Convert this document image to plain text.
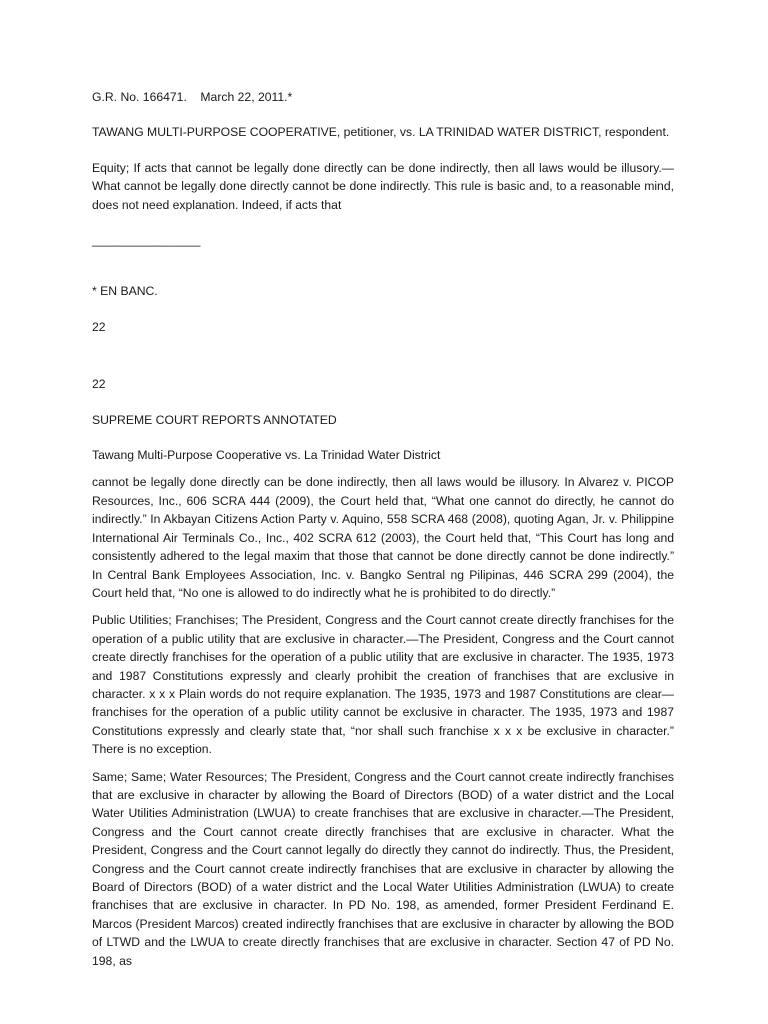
G.R. No. 166471.    March 22, 2011.*

TAWANG MULTI-PURPOSE COOPERATIVE, petitioner, vs. LA TRINIDAD WATER DISTRICT, respondent.

Equity; If acts that cannot be legally done directly can be done indirectly, then all laws would be illusory.—What cannot be legally done directly cannot be done indirectly. This rule is basic and, to a reasonable mind, does not need explanation. Indeed, if acts that

________________

* EN BANC.

22

22

SUPREME COURT REPORTS ANNOTATED

Tawang Multi-Purpose Cooperative vs. La Trinidad Water District

cannot be legally done directly can be done indirectly, then all laws would be illusory. In Alvarez v. PICOP Resources, Inc., 606 SCRA 444 (2009), the Court held that, “What one cannot do directly, he cannot do indirectly.” In Akbayan Citizens Action Party v. Aquino, 558 SCRA 468 (2008), quoting Agan, Jr. v. Philippine International Air Terminals Co., Inc., 402 SCRA 612 (2003), the Court held that, “This Court has long and consistently adhered to the legal maxim that those that cannot be done directly cannot be done indirectly.” In Central Bank Employees Association, Inc. v. Bangko Sentral ng Pilipinas, 446 SCRA 299 (2004), the Court held that, “No one is allowed to do indirectly what he is prohibited to do directly.”

Public Utilities; Franchises; The President, Congress and the Court cannot create directly franchises for the operation of a public utility that are exclusive in character.—The President, Congress and the Court cannot create directly franchises for the operation of a public utility that are exclusive in character. The 1935, 1973 and 1987 Constitutions expressly and clearly prohibit the creation of franchises that are exclusive in character. x x x Plain words do not require explanation. The 1935, 1973 and 1987 Constitutions are clear—franchises for the operation of a public utility cannot be exclusive in character. The 1935, 1973 and 1987 Constitutions expressly and clearly state that, “nor shall such franchise x x x be exclusive in character.” There is no exception.

Same; Same; Water Resources; The President, Congress and the Court cannot create indirectly franchises that are exclusive in character by allowing the Board of Directors (BOD) of a water district and the Local Water Utilities Administration (LWUA) to create franchises that are exclusive in character.—The President, Congress and the Court cannot create directly franchises that are exclusive in character. What the President, Congress and the Court cannot legally do directly they cannot do indirectly. Thus, the President, Congress and the Court cannot create indirectly franchises that are exclusive in character by allowing the Board of Directors (BOD) of a water district and the Local Water Utilities Administration (LWUA) to create franchises that are exclusive in character. In PD No. 198, as amended, former President Ferdinand E. Marcos (President Marcos) created indirectly franchises that are exclusive in character by allowing the BOD of LTWD and the LWUA to create directly franchises that are exclusive in character. Section 47 of PD No. 198, as
